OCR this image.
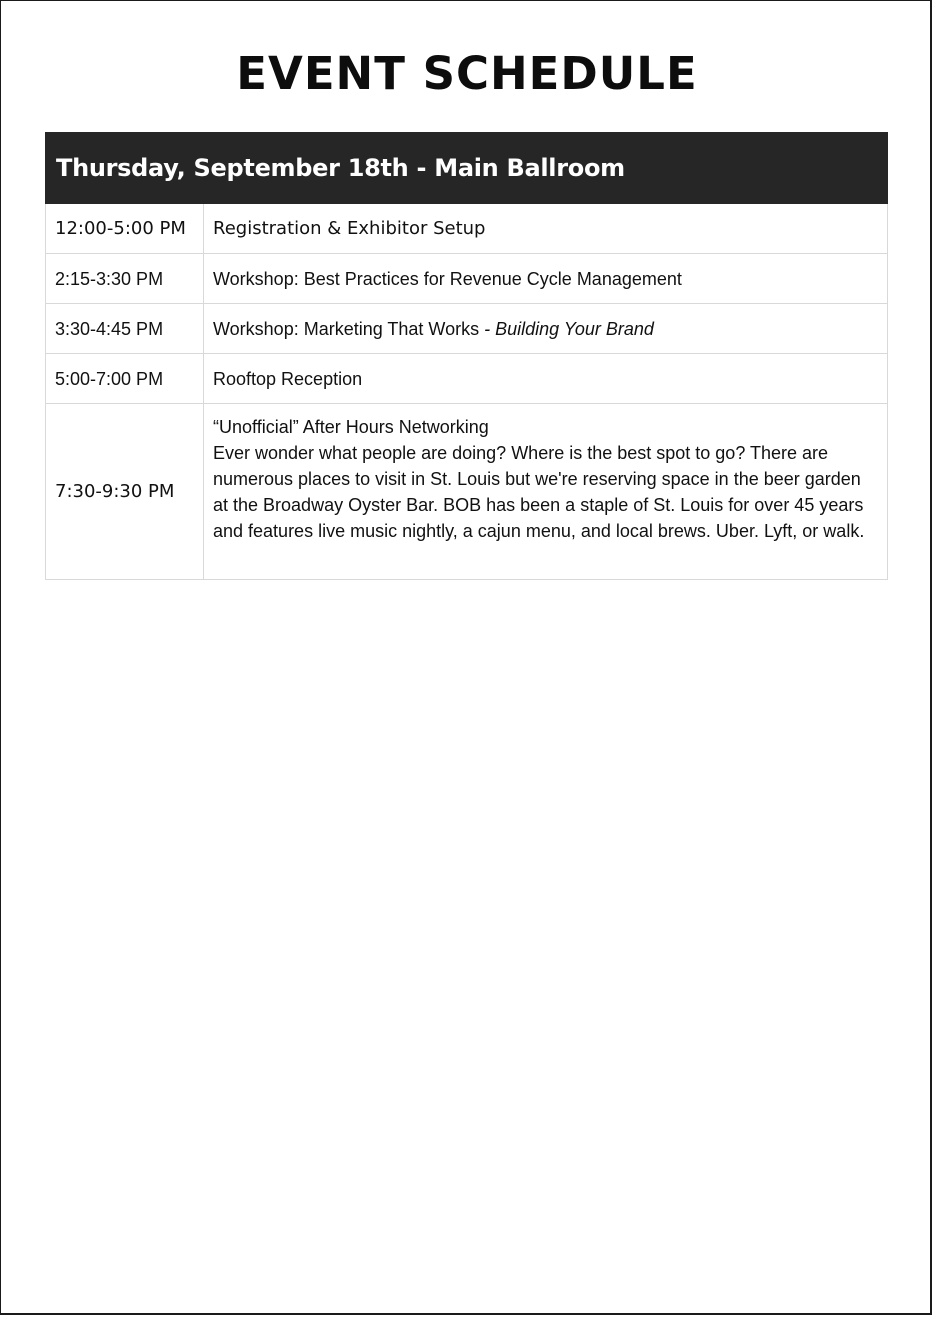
EVENT SCHEDULE
Thursday, September 18th - Main Ballroom	
12:00-5:00 PM	Registration & Exhibitor Setup
2:15-3:30 PM	Workshop: Best Practices for Revenue Cycle Management
3:30-4:45 PM	Workshop: Marketing That Works - Building Your Brand
5:00-7:00 PM	Rooftop Reception
7:30-9:30 PM	“Unofficial” After Hours Networking
Ever wonder what people are doing? Where is the best spot to go? There are numerous places to visit in St. Louis but we're reserving space in the beer garden at the Broadway Oyster Bar. BOB has been a staple of St. Louis for over 45 years and features live music nightly, a cajun menu, and local brews. Uber. Lyft, or walk.
